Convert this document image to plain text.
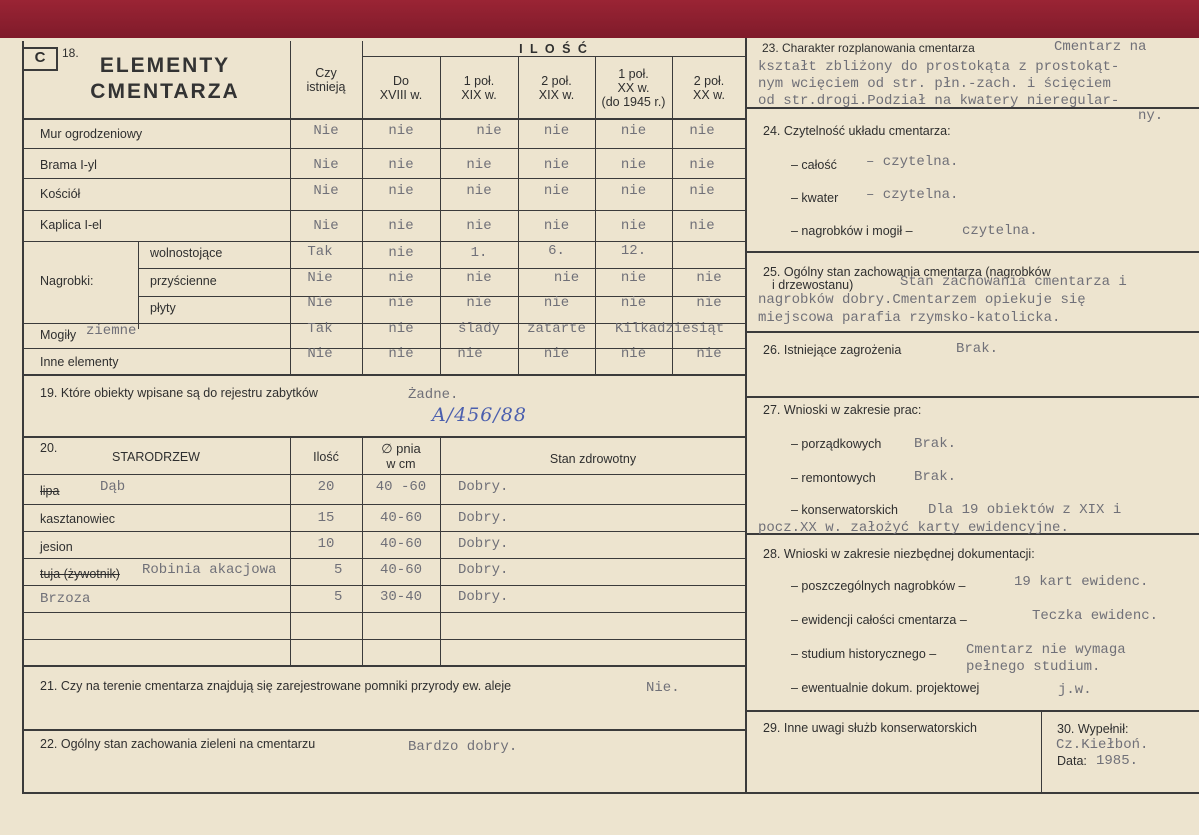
C	18.
ELEMENTY
CMENTARZA
Czy
istnieją
I L O Ś Ć
Do
XVIII w.
1 poł.
XIX w.
2 poł.
XIX w.
1 poł.
XX w.
(do 1945 r.)
2 poł.
XX w.
Mur ogrodzeniowy	Nie	nie	nie	nie	nie	nie
Brama I-yl	Nie	nie	nie	nie	nie	nie
Kościół	Nie	nie	nie	nie	nie	nie
Kaplica I-el	Nie	nie	nie	nie	nie	nie
Nagrobki:
wolnostojące	Tak	nie	1.	6.	12.
przyścienne	Nie	nie	nie	nie	nie	nie
płyty	Nie	nie	nie	nie	nie	nie
Mogiły ziemne	Tak	nie	ślady	zatarte	Kilkadziesiąt
Inne elementy	Nie	nie	nie	nie	nie	nie
19. Które obiekty wpisane są do rejestru zabytków	Żadne.
A/456/88
20.
STARODRZEW	Ilość
∅ pnia
w cm	Stan zdrowotny
lipa	Dąb	20	40 -60	Dobry.
kasztanowiec	15	40-60	Dobry.
jesion	10	40-60	Dobry.
tuja (żywotnik) Robinia akacjowa	5	40-60	Dobry.
Brzoza	5	30-40	Dobry.
21. Czy na terenie cmentarza znajdują się zarejestrowane pomniki przyrody ew. aleje	Nie.
22. Ogólny stan zachowania zieleni na cmentarzu	Bardzo dobry.
23. Charakter rozplanowania cmentarza	Cmentarz na
kształt zbliżony do prostokąta z prostokąt-
nym wcięciem od str. płn.-zach. i ścięciem
od str.drogi.Podział na kwatery nieregular-
ny.
24. Czytelność układu cmentarza:
– całość – czytelna.
– kwater – czytelna.
– nagrobków i mogił –	czytelna.
25. Ogólny stan zachowania cmentarza (nagrobków
i drzewostanu)	Stan zachowania cmentarza i
nagrobków dobry.Cmentarzem opiekuje się
miejscowa parafia rzymsko-katolicka.
26. Istniejące zagrożenia	Brak.
27. Wnioski w zakresie prac:
– porządkowych Brak.
– remontowych	Brak.
– konserwatorskich Dla 19 obiektów z XIX i
pocz.XX w. założyć karty ewidencyjne.
28. Wnioski w zakresie niezbędnej dokumentacji:
– poszczególnych nagrobków –	19 kart ewidenc.
– ewidencji całości cmentarza –	Teczka ewidenc.
– studium historycznego – Cmentarz nie wymaga
pełnego studium.
– ewentualnie dokum. projektowej	j.w.
29. Inne uwagi służb konserwatorskich	30. Wypełnił:
Cz.Kiełboń.
Data: 1985.
